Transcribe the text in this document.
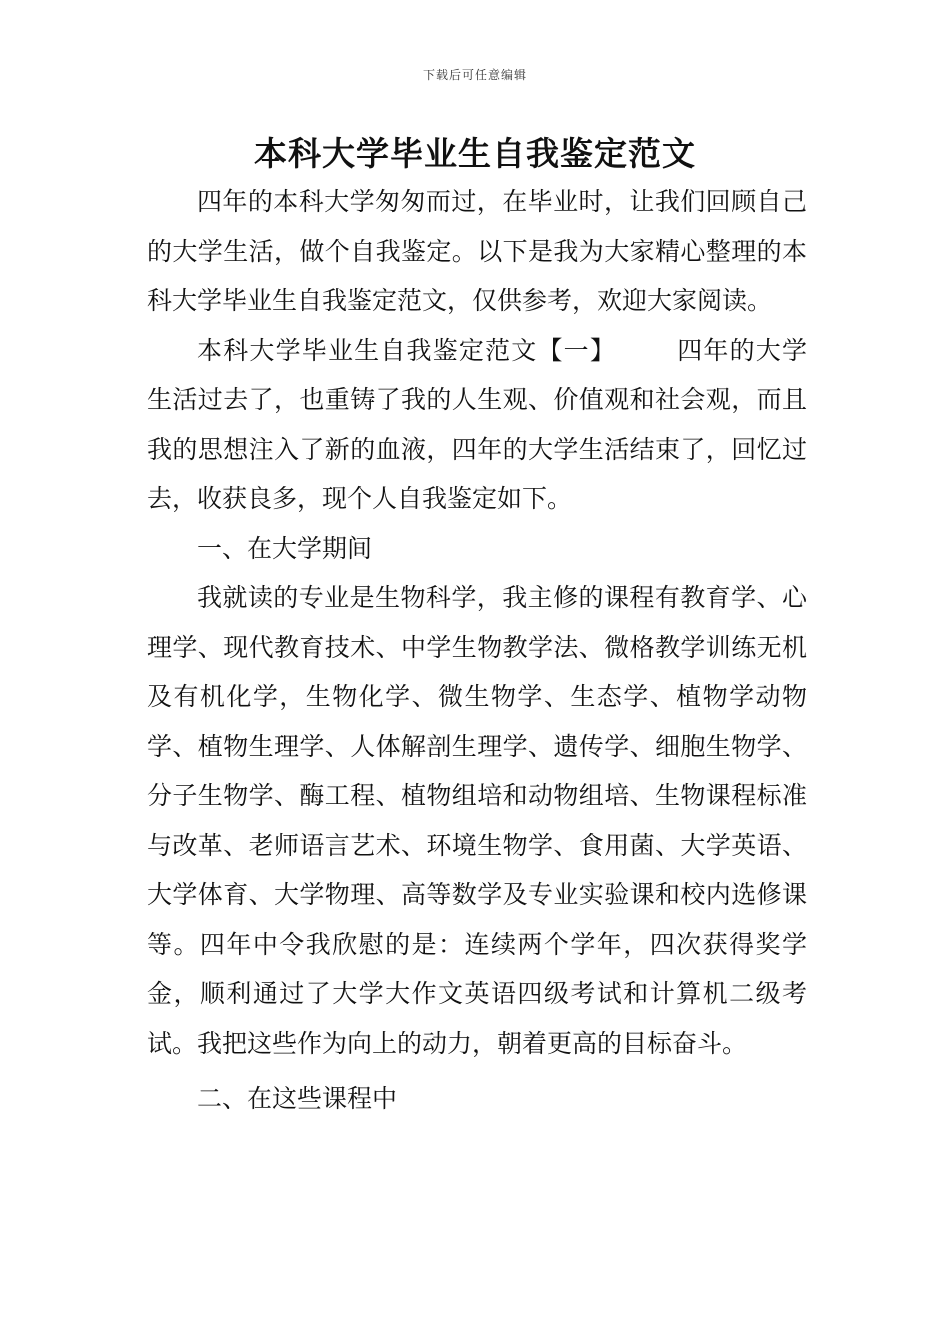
下载后可任意编辑
本科大学毕业生自我鉴定范文

四年的本科大学匆匆而过，在毕业时，让我们回顾自己的大学生活，做个自我鉴定。以下是我为大家精心整理的本科大学毕业生自我鉴定范文，仅供参考，欢迎大家阅读。

本科大学毕业生自我鉴定范文【一】 四年的大学生活过去了，也重铸了我的人生观、价值观和社会观，而且我的思想注入了新的血液，四年的大学生活结束了，回忆过去，收获良多，现个人自我鉴定如下。

一、在大学期间

我就读的专业是生物科学，我主修的课程有教育学、心理学、现代教育技术、中学生物教学法、微格教学训练无机及有机化学，生物化学、微生物学、生态学、植物学动物学、植物生理学、人体解剖生理学、遗传学、细胞生物学、分子生物学、酶工程、植物组培和动物组培、生物课程标准与改革、老师语言艺术、环境生物学、食用菌、大学英语、大学体育、大学物理、高等数学及专业实验课和校内选修课等。四年中令我欣慰的是：连续两个学年，四次获得奖学金，顺利通过了大学大作文英语四级考试和计算机二级考试。我把这些作为向上的动力，朝着更高的目标奋斗。

二、在这些课程中
